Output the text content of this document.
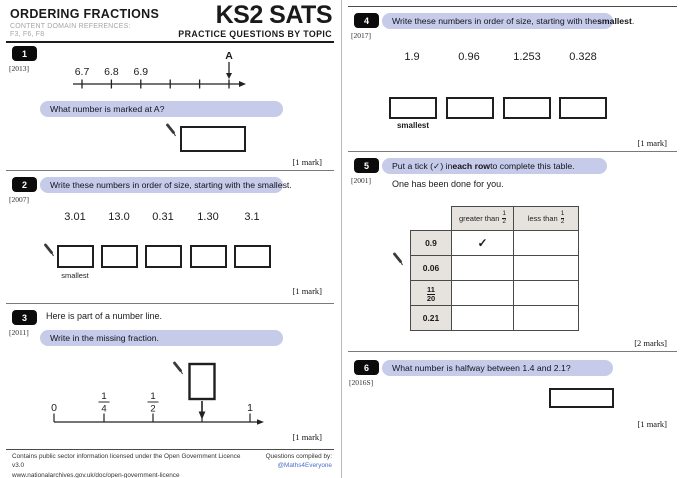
ORDERING FRACTIONS
CONTENT DOMAIN REFERENCES:
F3, F6, F8
KS2 SATS
PRACTICE QUESTIONS BY TOPIC
1
[2013]	6.7 6.8 6.9
A
What number is marked at A?
[1 mark]
2
[2007]
Write these numbers in order of size, starting with the smallest.
3.01	13.0	0.31	1.30	3.1
smallest
[1 mark]
3
[2011]
Here is part of a number line.
Write in the missing fraction.
0
1
4
1
2	1
[1 mark]
Contains public sector information licensed under the Open Government Licence v3.0
www.nationalarchives.gov.uk/doc/open-government-licence
Questions compiled by:
@Maths4Everyone
4
[2017]
Write these numbers in order of size, starting with the smallest .
1.9	0.96	1.253	0.328
smallest
[1 mark]
5
[2001]
Put a tick (✓) in each row to complete this table.
One has been done for you.

	greater than $\frac{1}{2}$	less than $\frac{1}{2}$

0.9	✓	
0.06		

$\frac{11}{20}$

0.21		
[2 marks]
6
[2016S]
What number is halfway between 1.4 and 2.1?
[1 mark]
